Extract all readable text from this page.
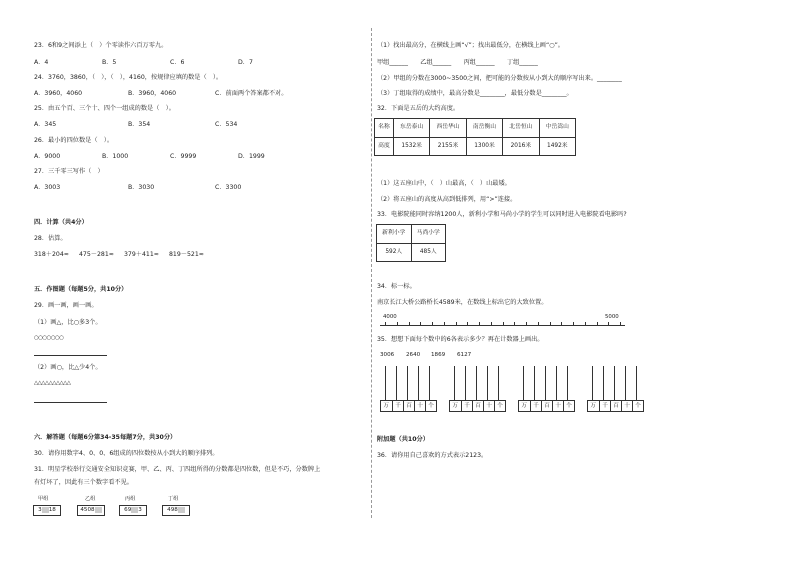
23．6和9之间添上（　）个零读作六百万零九。
A．4	B．5	C．6	D．7
24．3760，3860，（　），（　），4160，按规律应填的数是（　）。
A．3960，4060	B．3960，4060	C．前面两个答案都不对。
25．由五个百、三个十、四个一组成的数是（　）。
A．345	B．354	C．534
26．最小的四位数是（　）。
A．9000	B．1000	C．9999	D．1999
27．三千零三写作（　）
A．3003	B．3030	C．3300
四．计算（共4分）
28．估算。
318＋204≈ 475－281≈ 379＋411≈ 819－521≈
五．作图题（每题5分，共10分）
29．画一画，画一画。
（1）画△，比○多3个。
○○○○○○○
（2）画○，比△少4个。
△△△△△△△△△△
六．解答题（每题6分第34-35每题7分，共30分）
30．请你用数字4、0、0、6组成的四位数按从小到大的顺序排列。
31．明星学校举行交通安全知识竞赛，甲、乙、丙、丁四组所得的分数都是四位数，但是不巧，分数牌上
有灯坏了，因此有三个数字看不见。
甲组
3 18
乙组
4508
丙组
69 3
丁组
498
（1）找出最高分，在横线上画“√”；找出最低分，在横线上画“○”。
甲组______　　乙组______　　丙组______　　丁组______
（2）甲组的分数在3000~3500之间，把可能的分数按从小到大的顺序写出来。________
（3）丁组取得的成绩中，最高分数是________，最低分数是________。
32．下面是五岳的大约高度。
名称	东岳泰山	西岳华山	南岳衡山	北岳恒山	中岳嵩山
高度	1532米	2155米	1300米	2016米	1492米
（1）这五座山中，（　）山最高，（　）山最矮。
（2）将五座山的高度从高到低排列，用“>”连接。
33．电影院能同时容纳1200人，新利小学和马尚小学的学生可以同时进入电影院看电影吗?
新利小学	马尚小学
592人	485人
34．标一标。
南京长江大桥公路桥长4589米，在数线上标出它的大致位置。
4000	5000
35．想想下面每个数中的6各表示多少？再在计数器上画出。
3006 2640 1869 6127
万	千 百 十 个	万	千 百 十 个	万	千 百 十 个	万	千 百 十 个
附加题（共10分）
36．请你用自己喜欢的方式表示2123。
